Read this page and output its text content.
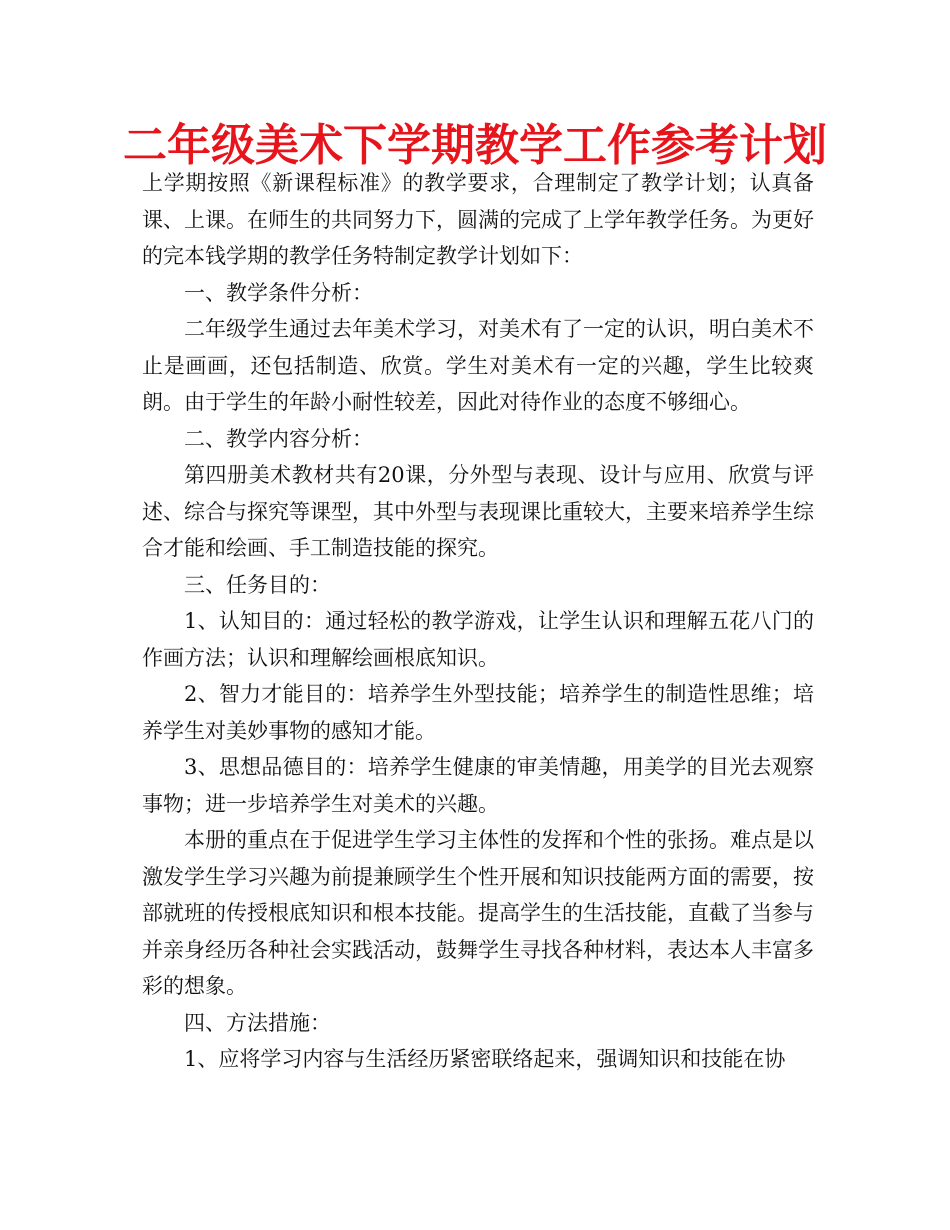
二年级美术下学期教学工作参考计划

上学期按照《新课程标准》的教学要求，合理制定了教学计划；认真备课、上课。在师生的共同努力下，圆满的完成了上学年教学任务。为更好的完本钱学期的教学任务特制定教学计划如下：

一、教学条件分析：

二年级学生通过去年美术学习，对美术有了一定的认识，明白美术不止是画画，还包括制造、欣赏。学生对美术有一定的兴趣，学生比较爽朗。由于学生的年龄小耐性较差，因此对待作业的态度不够细心。

二、教学内容分析：

第四册美术教材共有20课，分外型与表现、设计与应用、欣赏与评述、综合与探究等课型，其中外型与表现课比重较大，主要来培养学生综合才能和绘画、手工制造技能的探究。

三、任务目的：

1、认知目的：通过轻松的教学游戏，让学生认识和理解五花八门的作画方法；认识和理解绘画根底知识。

2、智力才能目的：培养学生外型技能；培养学生的制造性思维；培养学生对美妙事物的感知才能。

3、思想品德目的：培养学生健康的审美情趣，用美学的目光去观察事物；进一步培养学生对美术的兴趣。

本册的重点在于促进学生学习主体性的发挥和个性的张扬。难点是以激发学生学习兴趣为前提兼顾学生个性开展和知识技能两方面的需要，按部就班的传授根底知识和根本技能。提高学生的生活技能，直截了当参与并亲身经历各种社会实践活动，鼓舞学生寻找各种材料，表达本人丰富多彩的想象。

四、方法措施：

1、应将学习内容与生活经历紧密联络起来，强调知识和技能在协
